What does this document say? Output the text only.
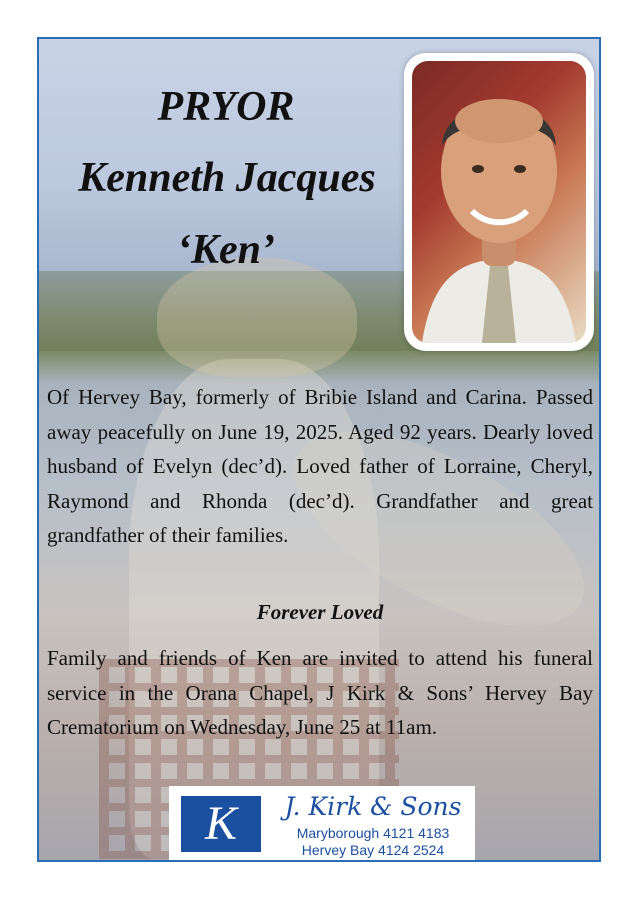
PRYOR
Kenneth Jacques
‘Ken’

Of Hervey Bay, formerly of Bribie Island and Carina. Passed away peacefully on June 19, 2025. Aged 92 years. Dearly loved husband of Evelyn (dec’d). Loved father of Lorraine, Cheryl, Raymond and Rhonda (dec’d). Grandfather and great grandfather of their families.

Forever Loved

Family and friends of Ken are invited to attend his funeral service in the Orana Chapel, J Kirk & Sons’ Hervey Bay Crematorium on Wednesday, June 25 at 11am.

K	J. Kirk & Sons
Maryborough 4121 4183
Hervey Bay 4124 2524
